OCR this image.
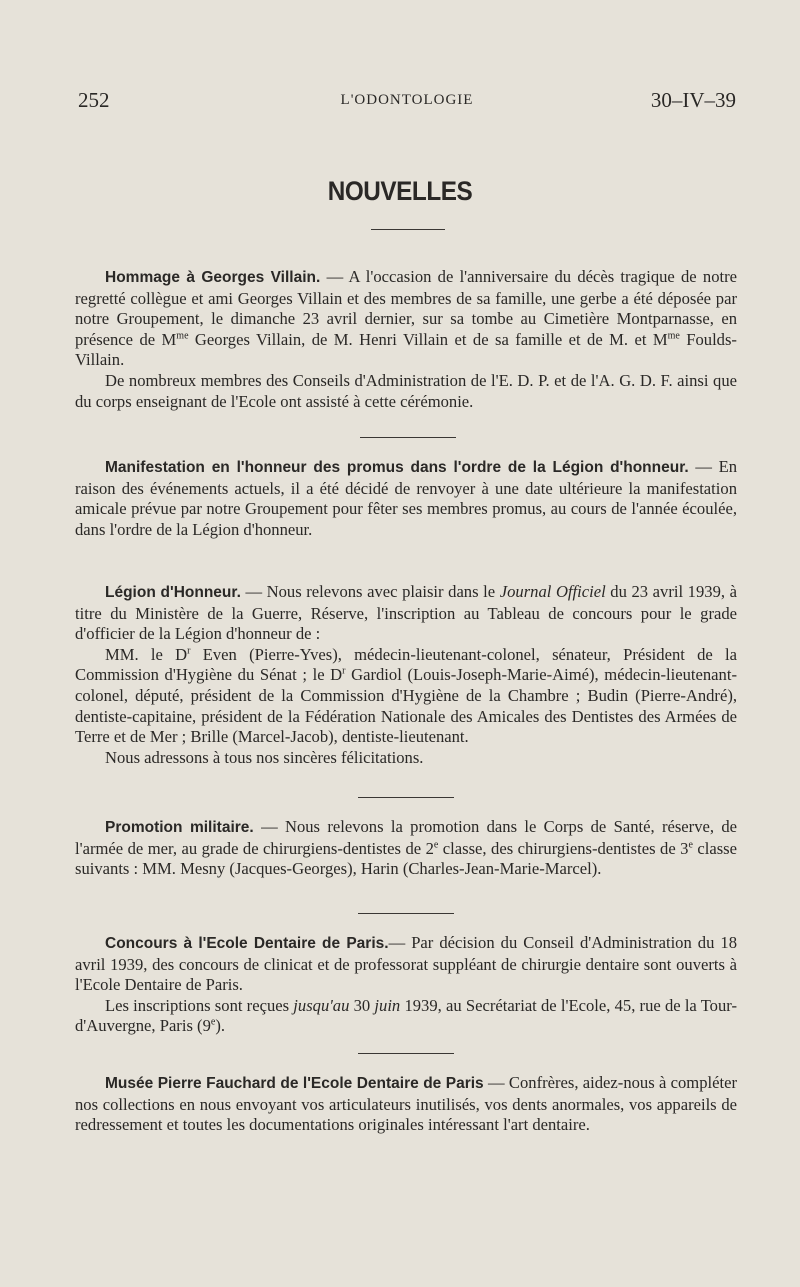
252	L'ODONTOLOGIE	30–IV–39
NOUVELLES

Hommage à Georges Villain. — A l'occasion de l'anniversaire du décès tragique de notre regretté collègue et ami Georges Villain et des membres de sa famille, une gerbe a été déposée par notre Groupement, le dimanche 23 avril dernier, sur sa tombe au Cimetière Montparnasse, en présence de $M^{me}$ Georges Villain, de M. Henri Villain et de sa famille et de M. et $M^{me}$ Foulds-Villain.

De nombreux membres des Conseils d'Administration de l'E. D. P. et de l'A. G. D. F. ainsi que du corps enseignant de l'Ecole ont assisté à cette cérémonie.

Manifestation en l'honneur des promus dans l'ordre de la Légion d'honneur. — En raison des événements actuels, il a été décidé de renvoyer à une date ultérieure la manifestation amicale prévue par notre Groupement pour fêter ses membres promus, au cours de l'année écoulée, dans l'ordre de la Légion d'honneur.

Légion d'Honneur. — Nous relevons avec plaisir dans le Journal Officiel du 23 avril 1939, à titre du Ministère de la Guerre, Réserve, l'inscription au Tableau de concours pour le grade d'officier de la Légion d'honneur de :

MM. le $D^r$ Even (Pierre-Yves), médecin-lieutenant-colonel, sénateur, Président de la Commission d'Hygiène du Sénat ; le $D^r$ Gardiol (Louis-Joseph-Marie-Aimé), médecin-lieutenant-colonel, député, président de la Commission d'Hygiène de la Chambre ; Budin (Pierre-André), dentiste-capitaine, président de la Fédération Nationale des Amicales des Dentistes des Armées de Terre et de Mer ; Brille (Marcel-Jacob), dentiste-lieutenant.

Nous adressons à tous nos sincères félicitations.

Promotion militaire. — Nous relevons la promotion dans le Corps de Santé, réserve, de l'armée de mer, au grade de chirurgiens-dentistes de 2e classe, des chirurgiens-dentistes de 3e classe suivants : MM. Mesny (Jacques-Georges), Harin (Charles-Jean-Marie-Marcel).

Concours à l'Ecole Dentaire de Paris.— Par décision du Conseil d'Administration du 18 avril 1939, des concours de clinicat et de professorat suppléant de chirurgie dentaire sont ouverts à l'Ecole Dentaire de Paris.

Les inscriptions sont reçues jusqu'au 30 juin 1939, au Secrétariat de l'Ecole, 45, rue de la Tour-d'Auvergne, Paris (9e).

Musée Pierre Fauchard de l'Ecole Dentaire de Paris — Confrères, aidez-nous à compléter nos collections en nous envoyant vos articulateurs inutilisés, vos dents anormales, vos appareils de redressement et toutes les documentations originales intéressant l'art dentaire.
